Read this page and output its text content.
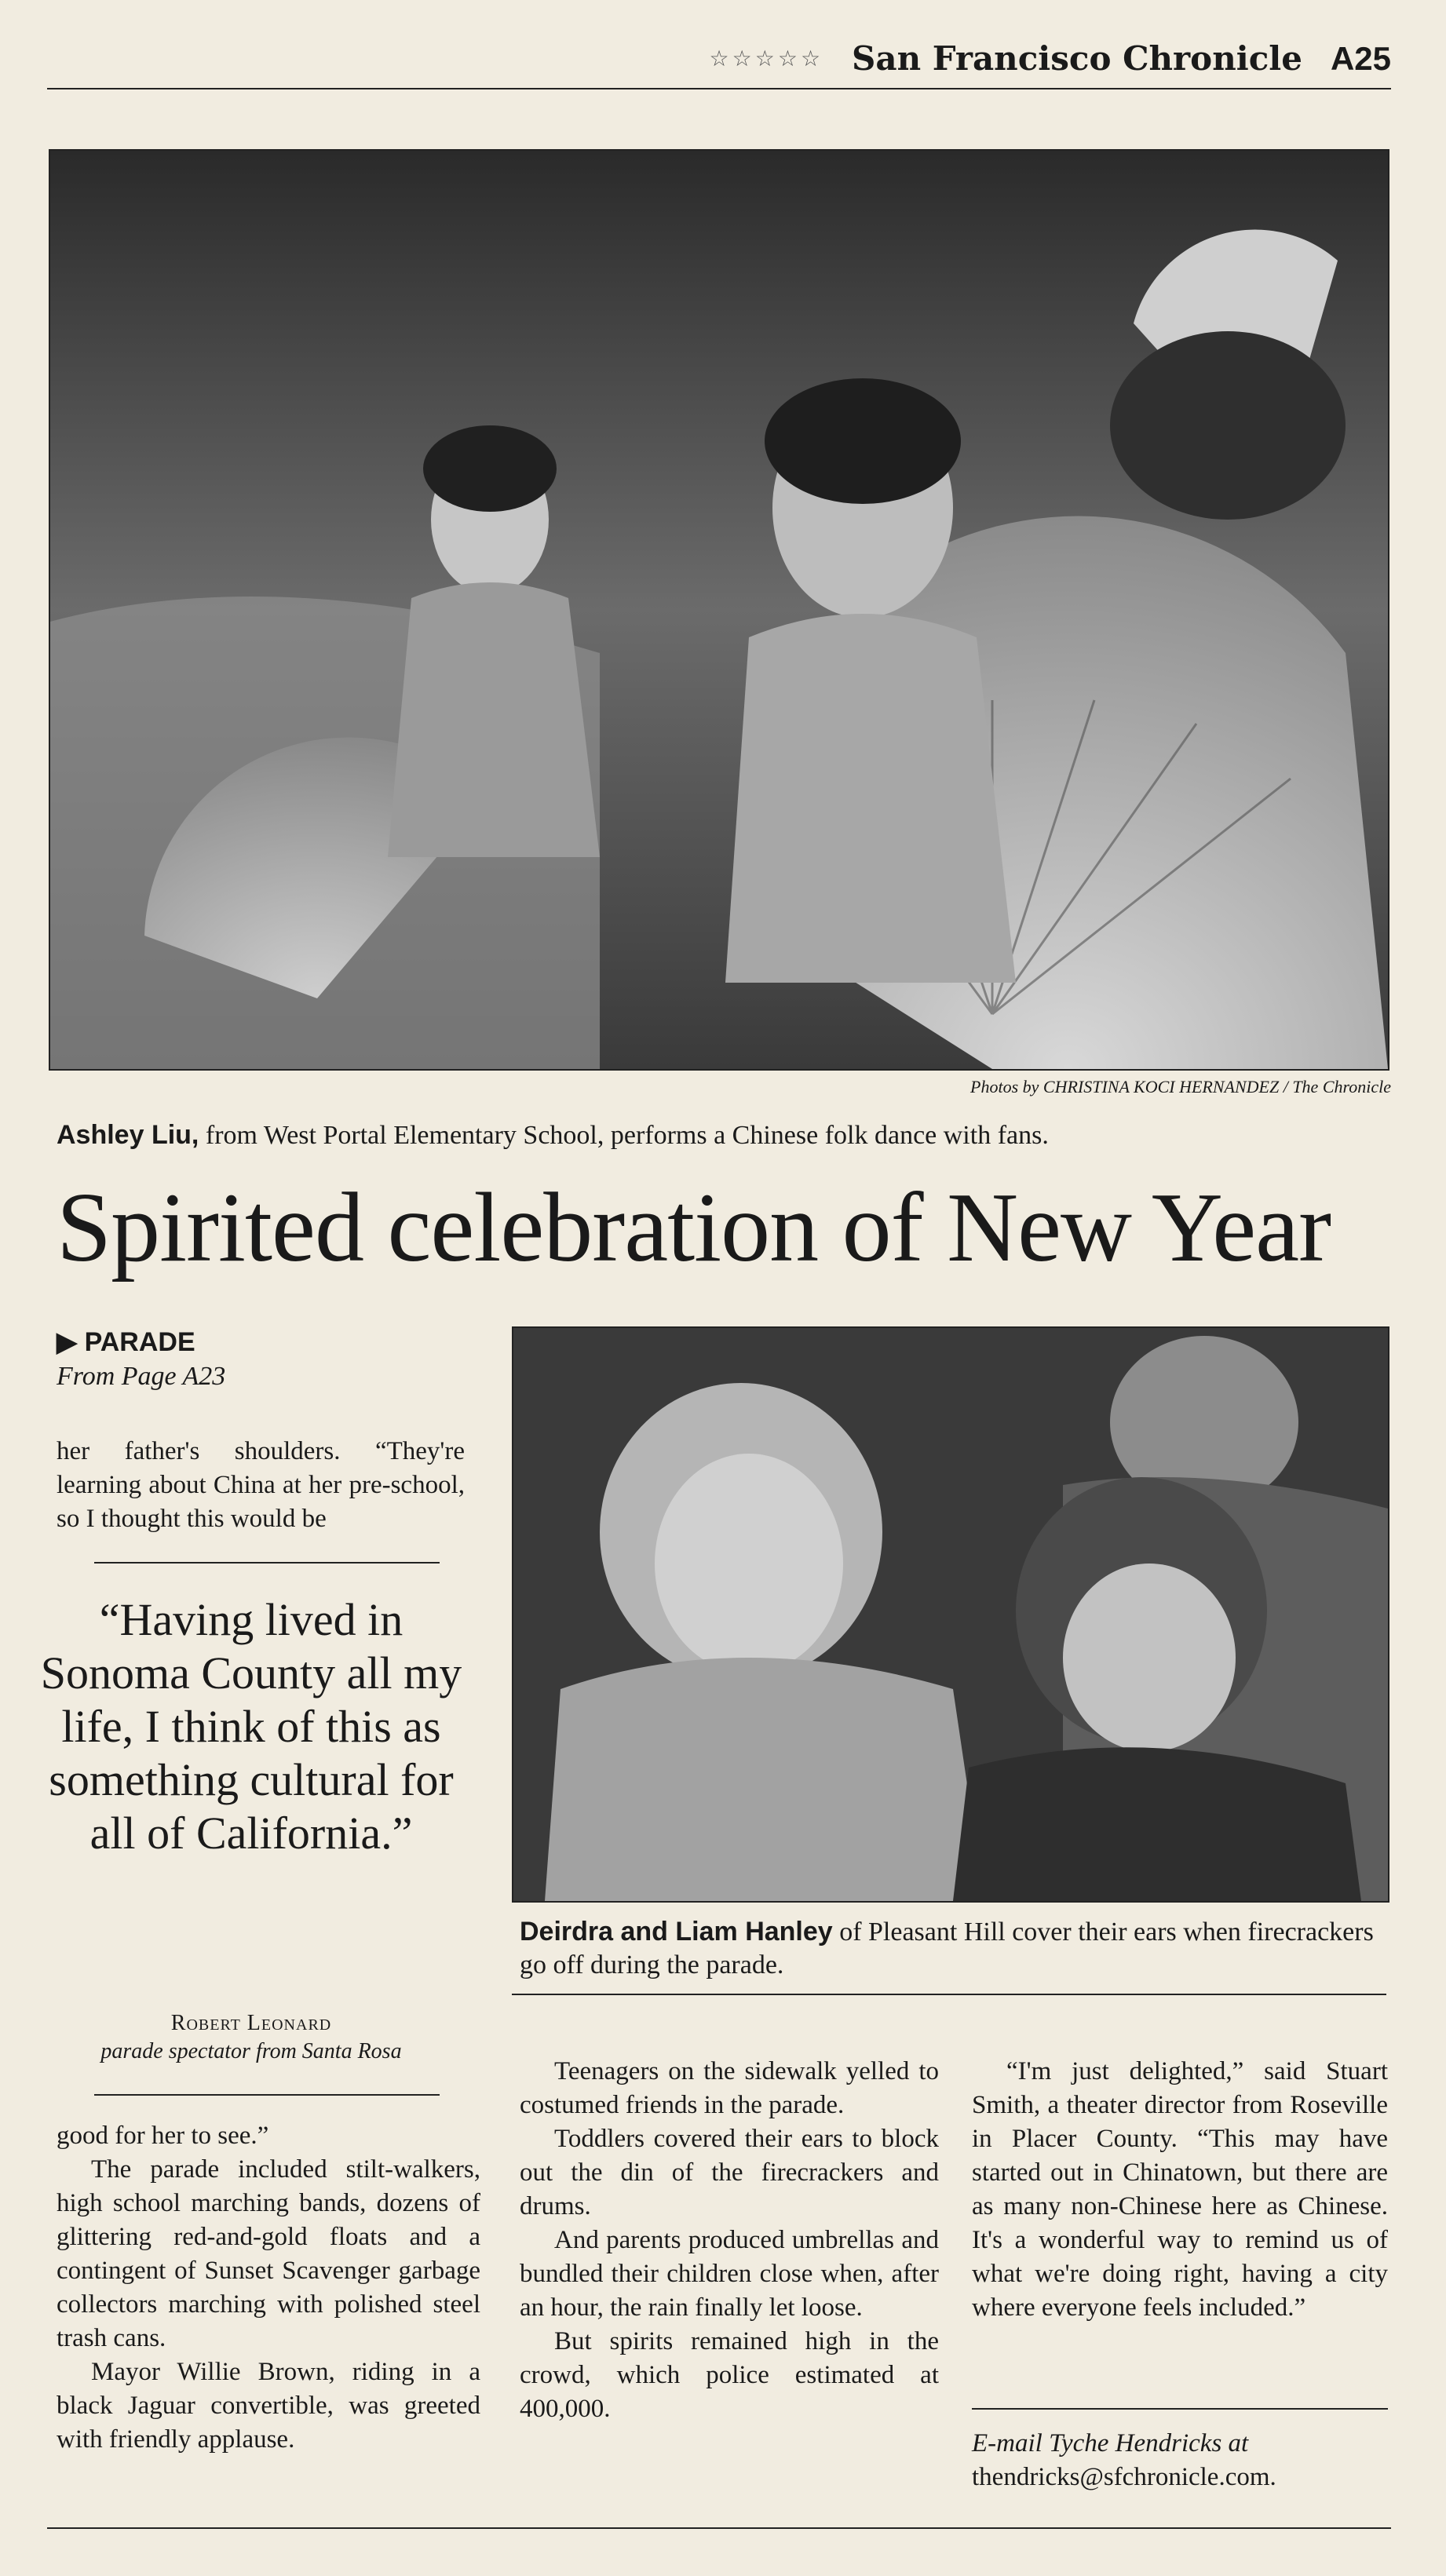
☆☆☆☆☆ San Francisco Chronicle A25
Photos by CHRISTINA KOCI HERNANDEZ / The Chronicle
Ashley Liu, from West Portal Elementary School, performs a Chinese folk dance with fans.
Spirited celebration of New Year
▶ PARADE
From Page A23
Deirdra and Liam Hanley of Pleasant Hill cover their ears when firecrackers go off during the parade.

her father's shoulders. “They're learning about China at her pre-school, so I thought this would be

“Having lived in Sonoma County all my life, I think of this as something cultural for all of California.”
Robert Leonard
parade spectator from Santa Rosa

good for her to see.”

The parade included stilt-walkers, high school marching bands, dozens of glittering red-and-gold floats and a contingent of Sunset Scavenger garbage collectors marching with polished steel trash cans.

Mayor Willie Brown, riding in a black Jaguar convertible, was greeted with friendly applause.

Teenagers on the sidewalk yelled to costumed friends in the parade.

Toddlers covered their ears to block out the din of the firecrackers and drums.

And parents produced umbrellas and bundled their children close when, after an hour, the rain finally let loose.

But spirits remained high in the crowd, which police estimated at 400,000.

“I'm just delighted,” said Stuart Smith, a theater director from Roseville in Placer County. “This may have started out in Chinatown, but there are as many non-Chinese here as Chinese. It's a wonderful way to remind us of what we're doing right, having a city where everyone feels included.”

E-mail Tyche Hendricks at
thendricks@sfchronicle.com.
